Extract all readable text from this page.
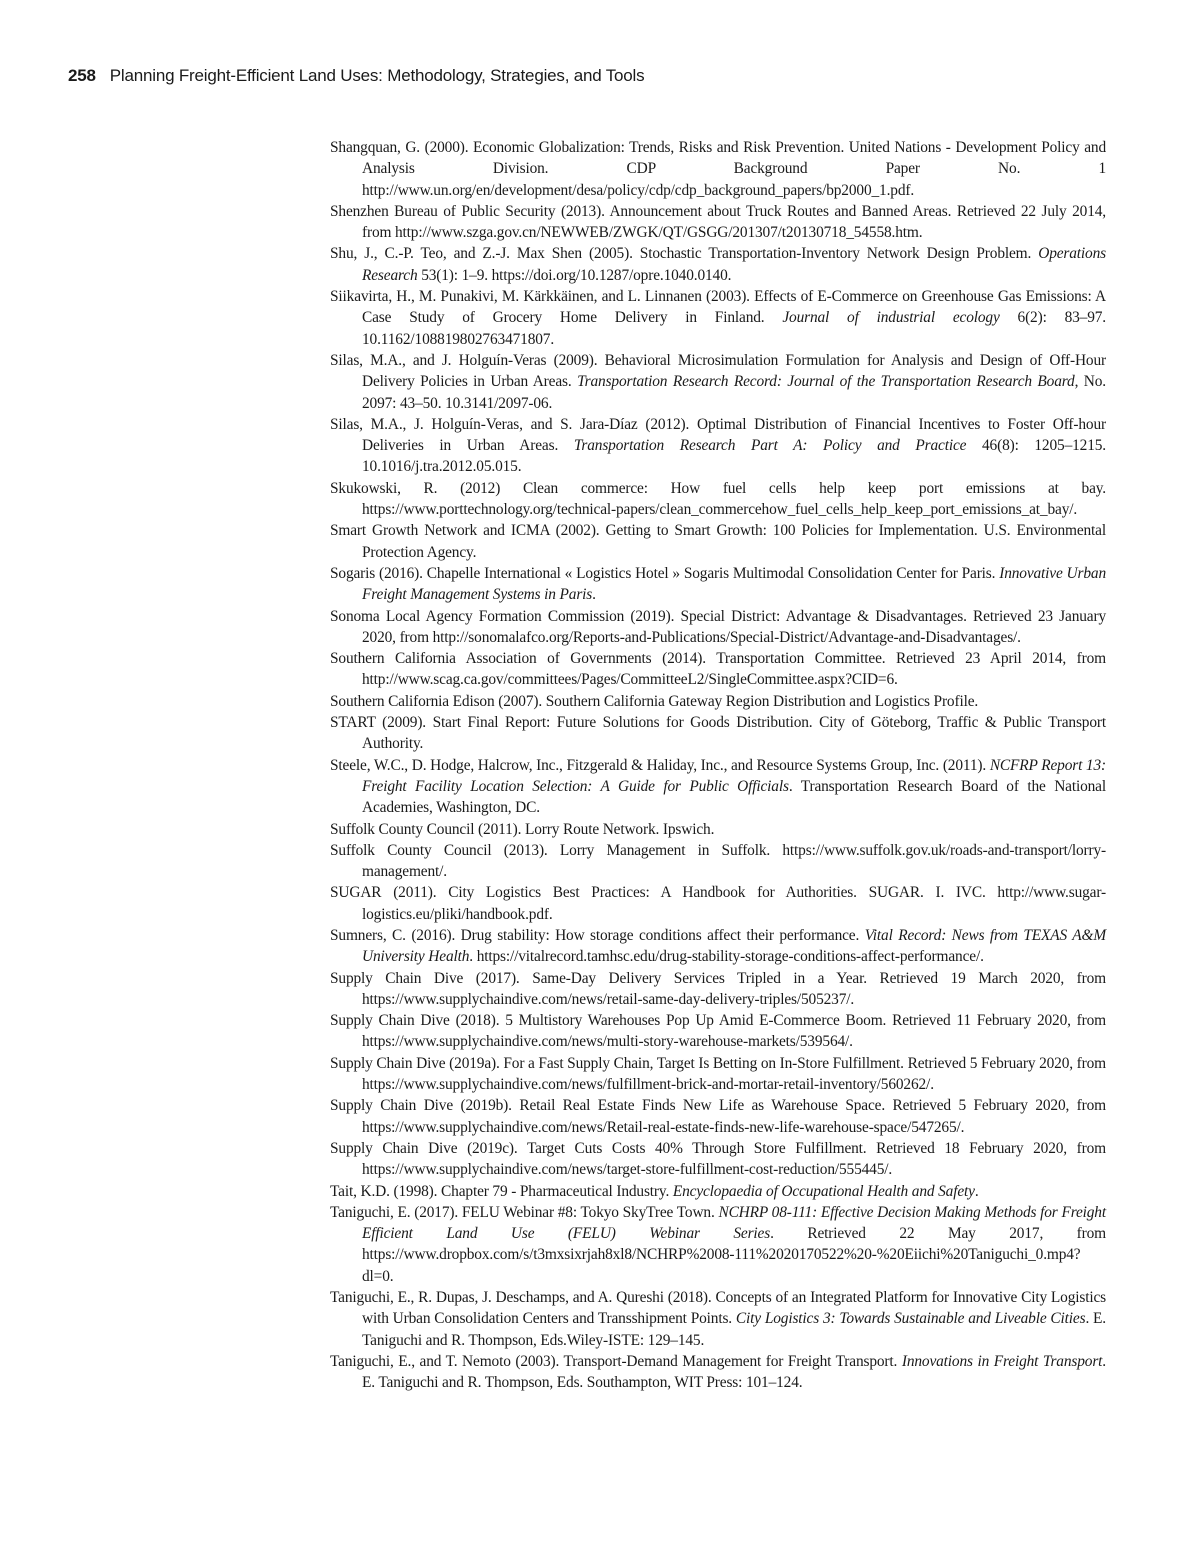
258 Planning Freight-Efficient Land Uses: Methodology, Strategies, and Tools
Shangquan, G. (2000). Economic Globalization: Trends, Risks and Risk Prevention. United Nations - Development Policy and Analysis Division. CDP Background Paper No. 1 http://www.un.org/en/development/desa/policy/cdp/cdp_background_papers/bp2000_1.pdf.
Shenzhen Bureau of Public Security (2013). Announcement about Truck Routes and Banned Areas. Retrieved 22 July 2014, from http://www.szga.gov.cn/NEWWEB/ZWGK/QT/GSGG/201307/t20130718_54558.htm.
Shu, J., C.-P. Teo, and Z.-J. Max Shen (2005). Stochastic Transportation-Inventory Network Design Problem. Operations Research 53(1): 1–9. https://doi.org/10.1287/opre.1040.0140.
Siikavirta, H., M. Punakivi, M. Kärkkäinen, and L. Linnanen (2003). Effects of E-Commerce on Greenhouse Gas Emissions: A Case Study of Grocery Home Delivery in Finland. Journal of industrial ecology 6(2): 83–97. 10.1162/108819802763471807.
Silas, M.A., and J. Holguín-Veras (2009). Behavioral Microsimulation Formulation for Analysis and Design of Off-Hour Delivery Policies in Urban Areas. Transportation Research Record: Journal of the Transportation Research Board, No. 2097: 43–50. 10.3141/2097-06.
Silas, M.A., J. Holguín-Veras, and S. Jara-Díaz (2012). Optimal Distribution of Financial Incentives to Foster Off-hour Deliveries in Urban Areas. Transportation Research Part A: Policy and Practice 46(8): 1205–1215. 10.1016/j.tra.2012.05.015.
Skukowski, R. (2012) Clean commerce: How fuel cells help keep port emissions at bay. https://www.porttechnology.org/technical-papers/clean_commercehow_fuel_cells_help_keep_port_emissions_at_bay/.
Smart Growth Network and ICMA (2002). Getting to Smart Growth: 100 Policies for Implementation. U.S. Environmental Protection Agency.
Sogaris (2016). Chapelle International « Logistics Hotel » Sogaris Multimodal Consolidation Center for Paris. Innovative Urban Freight Management Systems in Paris.
Sonoma Local Agency Formation Commission (2019). Special District: Advantage & Disadvantages. Retrieved 23 January 2020, from http://sonomalafco.org/Reports-and-Publications/Special-District/Advantage-and-Disadvantages/.
Southern California Association of Governments (2014). Transportation Committee. Retrieved 23 April 2014, from http://www.scag.ca.gov/committees/Pages/CommitteeL2/SingleCommittee.aspx?CID=6.
Southern California Edison (2007). Southern California Gateway Region Distribution and Logistics Profile.
START (2009). Start Final Report: Future Solutions for Goods Distribution. City of Göteborg, Traffic & Public Transport Authority.
Steele, W.C., D. Hodge, Halcrow, Inc., Fitzgerald & Haliday, Inc., and Resource Systems Group, Inc. (2011). NCFRP Report 13: Freight Facility Location Selection: A Guide for Public Officials. Transportation Research Board of the National Academies, Washington, DC.
Suffolk County Council (2011). Lorry Route Network. Ipswich.
Suffolk County Council (2013). Lorry Management in Suffolk. https://www.suffolk.gov.uk/roads-and-transport/lorry-management/.
SUGAR (2011). City Logistics Best Practices: A Handbook for Authorities. SUGAR. I. IVC. http://www.sugar-logistics.eu/pliki/handbook.pdf.
Sumners, C. (2016). Drug stability: How storage conditions affect their performance. Vital Record: News from TEXAS A&M University Health. https://vitalrecord.tamhsc.edu/drug-stability-storage-conditions-affect-performance/.
Supply Chain Dive (2017). Same-Day Delivery Services Tripled in a Year. Retrieved 19 March 2020, from https://www.supplychaindive.com/news/retail-same-day-delivery-triples/505237/.
Supply Chain Dive (2018). 5 Multistory Warehouses Pop Up Amid E-Commerce Boom. Retrieved 11 February 2020, from https://www.supplychaindive.com/news/multi-story-warehouse-markets/539564/.
Supply Chain Dive (2019a). For a Fast Supply Chain, Target Is Betting on In-Store Fulfillment. Retrieved 5 February 2020, from https://www.supplychaindive.com/news/fulfillment-brick-and-mortar-retail-inventory/560262/.
Supply Chain Dive (2019b). Retail Real Estate Finds New Life as Warehouse Space. Retrieved 5 February 2020, from https://www.supplychaindive.com/news/Retail-real-estate-finds-new-life-warehouse-space/547265/.
Supply Chain Dive (2019c). Target Cuts Costs 40% Through Store Fulfillment. Retrieved 18 February 2020, from https://www.supplychaindive.com/news/target-store-fulfillment-cost-reduction/555445/.
Tait, K.D. (1998). Chapter 79 - Pharmaceutical Industry. Encyclopaedia of Occupational Health and Safety.
Taniguchi, E. (2017). FELU Webinar #8: Tokyo SkyTree Town. NCHRP 08-111: Effective Decision Making Methods for Freight Efficient Land Use (FELU) Webinar Series. Retrieved 22 May 2017, from https://www.dropbox.com/s/t3mxsixrjah8xl8/NCHRP%2008-111%2020170522%20-%20Eiichi%20Taniguchi_0.mp4?dl=0.
Taniguchi, E., R. Dupas, J. Deschamps, and A. Qureshi (2018). Concepts of an Integrated Platform for Innovative City Logistics with Urban Consolidation Centers and Transshipment Points. City Logistics 3: Towards Sustainable and Liveable Cities. E. Taniguchi and R. Thompson, Eds.Wiley-ISTE: 129–145.
Taniguchi, E., and T. Nemoto (2003). Transport-Demand Management for Freight Transport. Innovations in Freight Transport. E. Taniguchi and R. Thompson, Eds. Southampton, WIT Press: 101–124.
